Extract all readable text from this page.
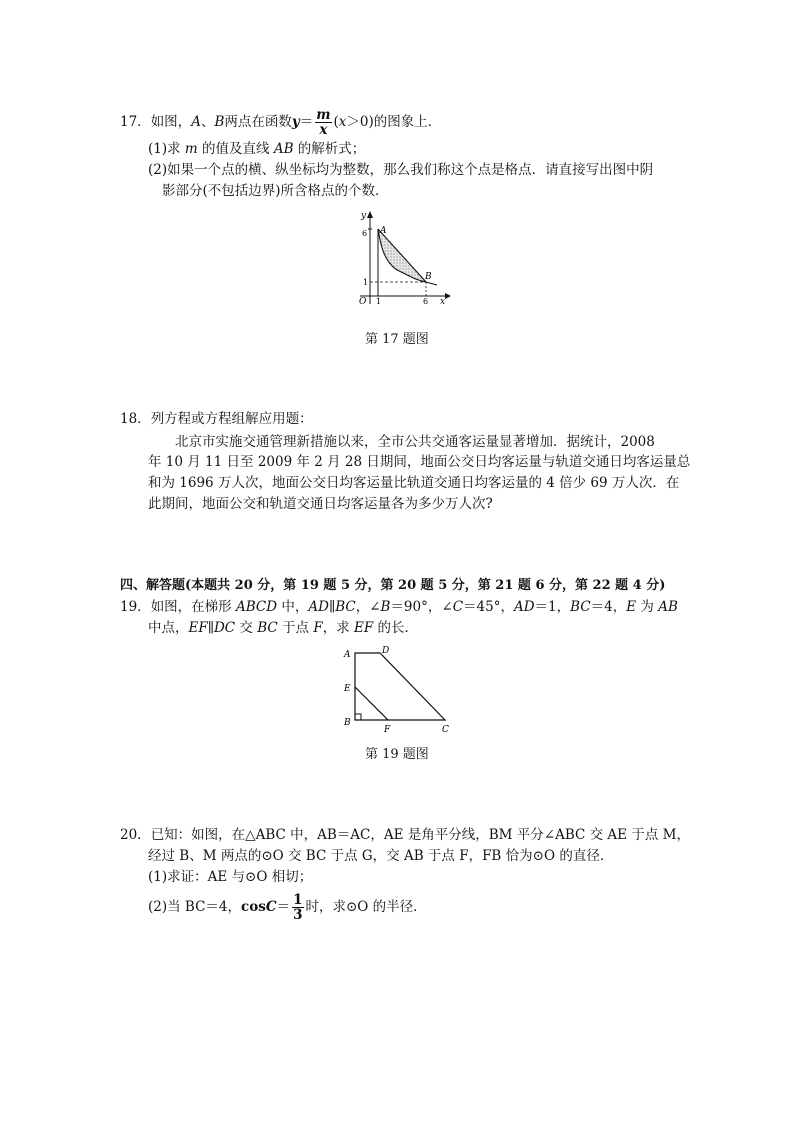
17．如图，A、B两点在函数$y= \frac{m}{x} (x>0)$的图象上．
(1)求 m 的值及直线 AB 的解析式；
(2)如果一个点的横、纵坐标均为整数，那么我们称这个点是格点．请直接写出图中阴
影部分(不包括边界)所含格点的个数．
y
A
B
O	x
6
1
1	6
第 17 题图
18．列方程或方程组解应用题：
北京市实施交通管理新措施以来，全市公共交通客运量显著增加．据统计，2008
年 10 月 11 日至 2009 年 2 月 28 日期间，地面公交日均客运量与轨道交通日均客运量总
和为 1696 万人次，地面公交日均客运量比轨道交通日均客运量的 4 倍少 69 万人次．在
此期间，地面公交和轨道交通日均客运量各为多少万人次?
四、解答题(本题共 20 分，第 19 题 5 分，第 20 题 5 分，第 21 题 6 分，第 22 题 4 分)
19．如图，在梯形 ABCD 中，AD∥BC，∠B＝90°，∠C＝45°，AD＝1，BC＝4，E 为 AB
中点，EF∥DC 交 BC 于点 F，求 EF 的长．
A	D
E
B
F	C
第 19 题图
20．已知：如图，在△ABC 中，AB＝AC，AE 是角平分线，BM 平分∠ABC 交 AE 于点 M，
经过 B、M 两点的⊙O 交 BC 于点 G，交 AB 于点 F，FB 恰为⊙O 的直径．
(1)求证：AE 与⊙O 相切；
(2)当 BC＝4，$\cos C= \frac{1}{3}$ 时，求⊙O 的半径．
